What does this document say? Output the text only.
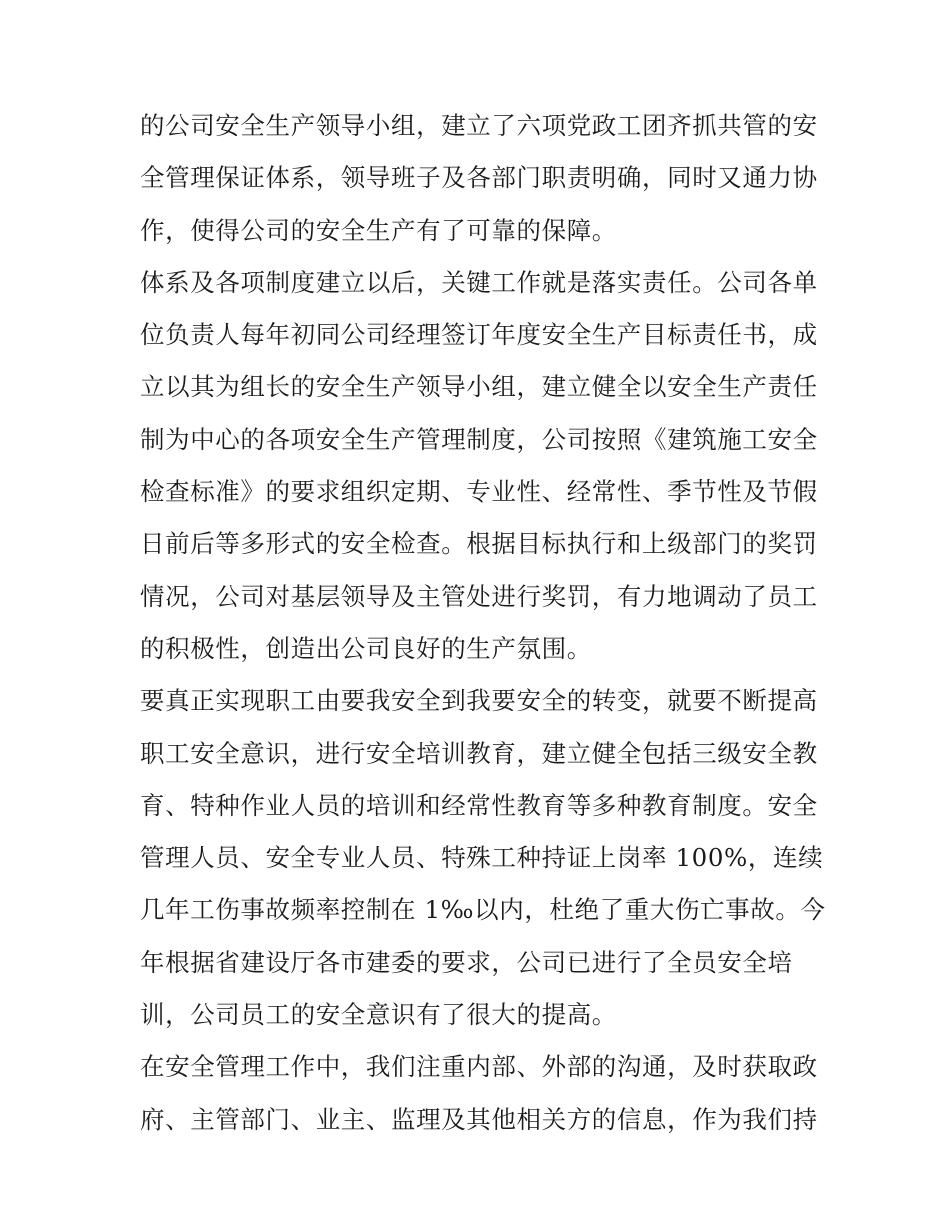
的公司安全生产领导小组，建立了六项党政工团齐抓共管的安
全管理保证体系，领导班子及各部门职责明确，同时又通力协
作，使得公司的安全生产有了可靠的保障。
体系及各项制度建立以后，关键工作就是落实责任。公司各单
位负责人每年初同公司经理签订年度安全生产目标责任书，成
立以其为组长的安全生产领导小组，建立健全以安全生产责任
制为中心的各项安全生产管理制度，公司按照《建筑施工安全
检查标准》的要求组织定期、专业性、经常性、季节性及节假
日前后等多形式的安全检查。根据目标执行和上级部门的奖罚
情况，公司对基层领导及主管处进行奖罚，有力地调动了员工
的积极性，创造出公司良好的生产氛围。
要真正实现职工由要我安全到我要安全的转变，就要不断提高
职工安全意识，进行安全培训教育，建立健全包括三级安全教
育、特种作业人员的培训和经常性教育等多种教育制度。安全
管理人员、安全专业人员、特殊工种持证上岗率 100%，连续
几年工伤事故频率控制在 1‰以内，杜绝了重大伤亡事故。今
年根据省建设厅各市建委的要求，公司已进行了全员安全培
训，公司员工的安全意识有了很大的提高。
在安全管理工作中，我们注重内部、外部的沟通，及时获取政
府、主管部门、业主、监理及其他相关方的信息，作为我们持
